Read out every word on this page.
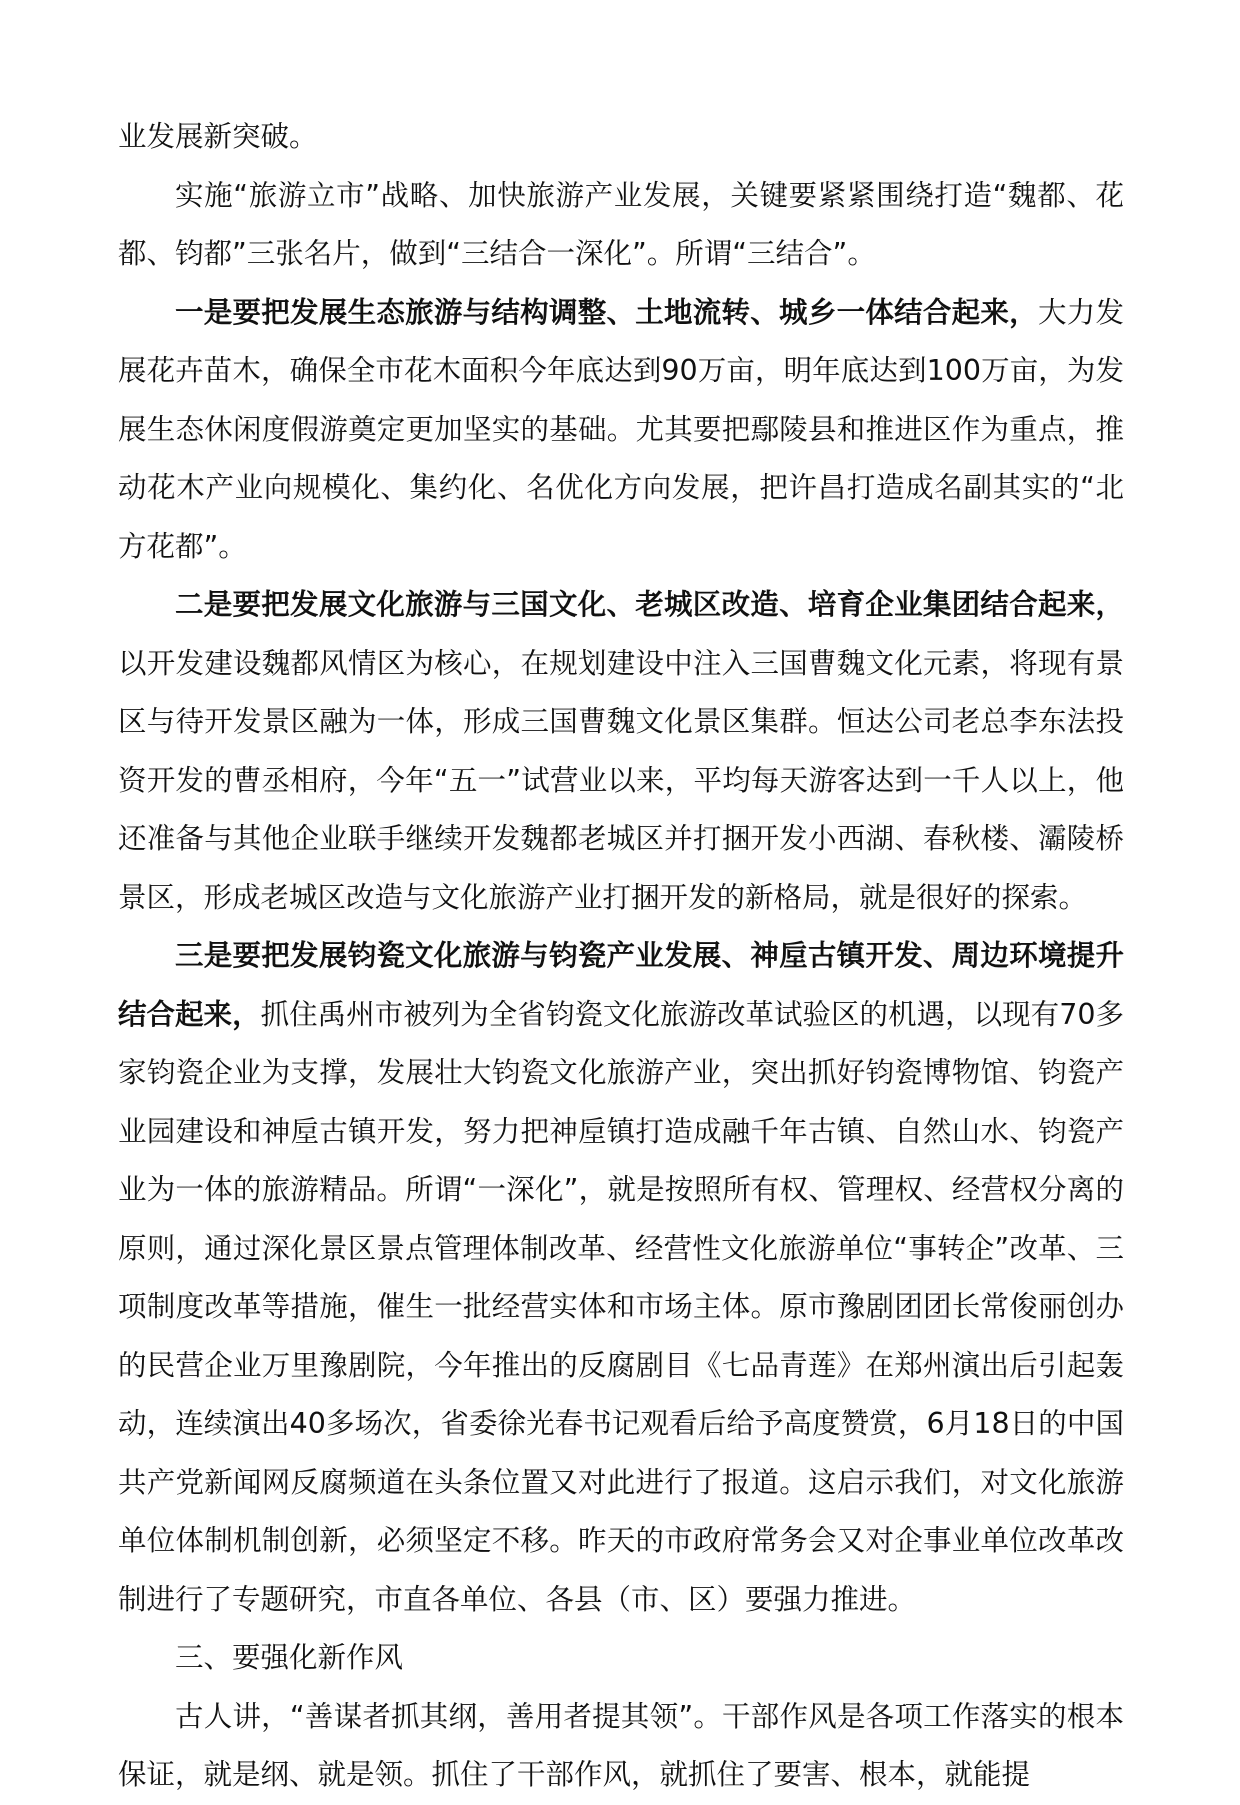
业发展新突破。

实施“旅游立市”战略、加快旅游产业发展，关键要紧紧围绕打造“魏都、花都、钧都”三张名片，做到“三结合一深化”。所谓“三结合”。

一是要把发展生态旅游与结构调整、土地流转、城乡一体结合起来，大力发展花卉苗木，确保全市花木面积今年底达到90万亩，明年底达到100万亩，为发展生态休闲度假游奠定更加坚实的基础。尤其要把鄢陵县和推进区作为重点，推动花木产业向规模化、集约化、名优化方向发展，把许昌打造成名副其实的“北方花都”。

二是要把发展文化旅游与三国文化、老城区改造、培育企业集团结合起来，以开发建设魏都风情区为核心，在规划建设中注入三国曹魏文化元素，将现有景区与待开发景区融为一体，形成三国曹魏文化景区集群。恒达公司老总李东法投资开发的曹丞相府，今年“五一”试营业以来，平均每天游客达到一千人以上，他还准备与其他企业联手继续开发魏都老城区并打捆开发小西湖、春秋楼、灞陵桥景区，形成老城区改造与文化旅游产业打捆开发的新格局，就是很好的探索。

三是要把发展钧瓷文化旅游与钧瓷产业发展、神垕古镇开发、周边环境提升结合起来，抓住禹州市被列为全省钧瓷文化旅游改革试验区的机遇，以现有70多家钧瓷企业为支撑，发展壮大钧瓷文化旅游产业，突出抓好钧瓷博物馆、钧瓷产业园建设和神垕古镇开发，努力把神垕镇打造成融千年古镇、自然山水、钧瓷产业为一体的旅游精品。所谓“一深化”，就是按照所有权、管理权、经营权分离的原则，通过深化景区景点管理体制改革、经营性文化旅游单位“事转企”改革、三项制度改革等措施，催生一批经营实体和市场主体。原市豫剧团团长常俊丽创办的民营企业万里豫剧院，今年推出的反腐剧目《七品青莲》在郑州演出后引起轰动，连续演出40多场次，省委徐光春书记观看后给予高度赞赏，6月18日的中国共产党新闻网反腐频道在头条位置又对此进行了报道。这启示我们，对文化旅游单位体制机制创新，必须坚定不移。昨天的市政府常务会又对企事业单位改革改制进行了专题研究，市直各单位、各县（市、区）要强力推进。

三、要强化新作风

古人讲，“善谋者抓其纲，善用者提其领”。干部作风是各项工作落实的根本保证，就是纲、就是领。抓住了干部作风，就抓住了要害、根本，就能提
